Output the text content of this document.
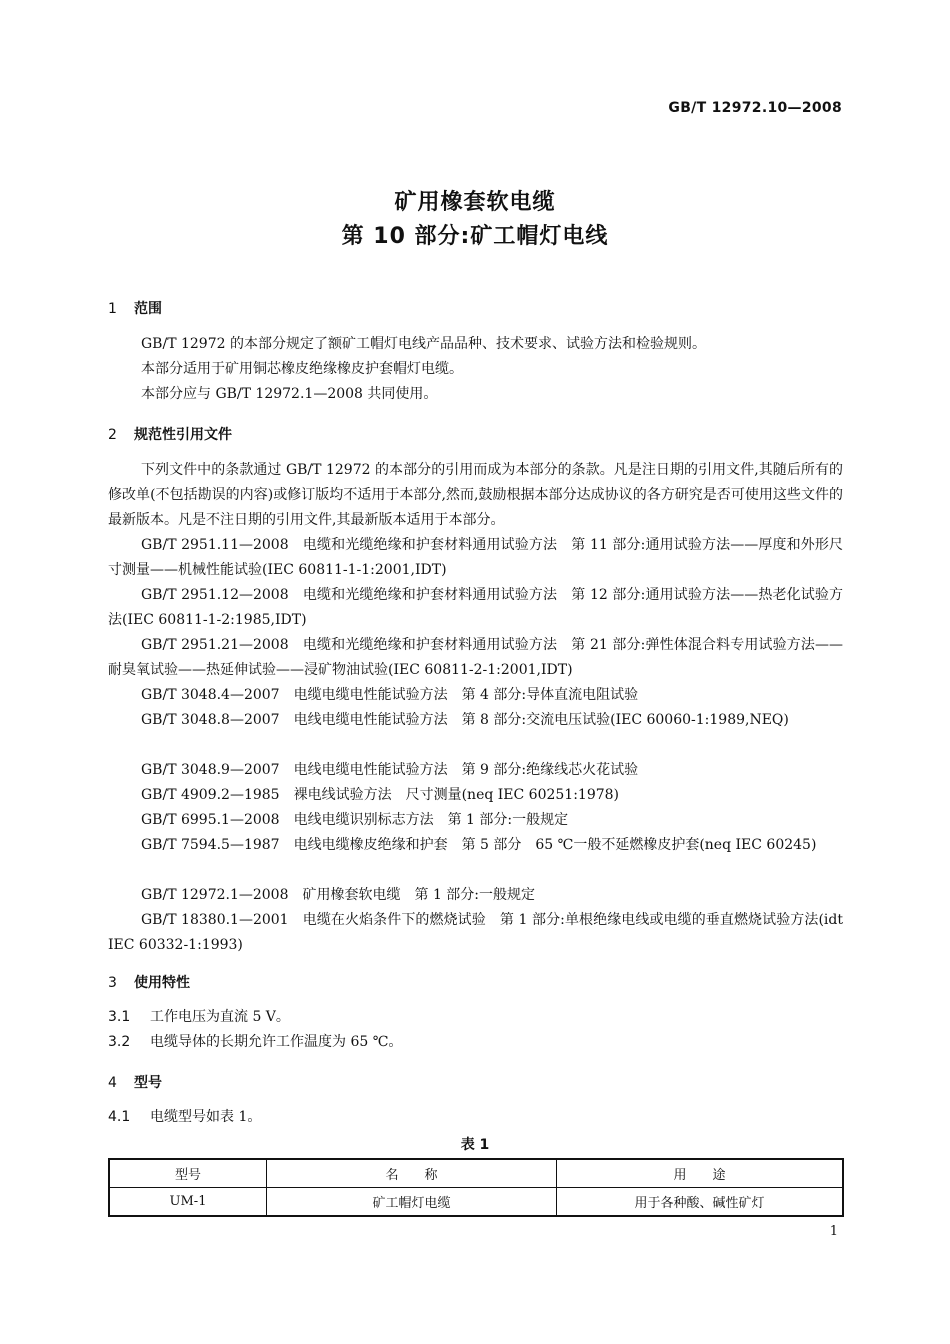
GB/T 12972.10—2008
矿用橡套软电缆
第 10 部分:矿工帽灯电线
1 范围
GB/T 12972 的本部分规定了额矿工帽灯电线产品品种、技术要求、试验方法和检验规则。
本部分适用于矿用铜芯橡皮绝缘橡皮护套帽灯电缆。
本部分应与 GB/T 12972.1—2008 共同使用。
2 规范性引用文件
下列文件中的条款通过 GB/T 12972 的本部分的引用而成为本部分的条款。凡是注日期的引用文件,其随后所有的修改单(不包括勘误的内容)或修订版均不适用于本部分,然而,鼓励根据本部分达成协议的各方研究是否可使用这些文件的最新版本。凡是不注日期的引用文件,其最新版本适用于本部分。
GB/T 2951.11—2008　电缆和光缆绝缘和护套材料通用试验方法　第 11 部分:通用试验方法——厚度和外形尺寸测量——机械性能试验(IEC 60811-1-1:2001,IDT)
GB/T 2951.12—2008　电缆和光缆绝缘和护套材料通用试验方法　第 12 部分:通用试验方法——热老化试验方法(IEC 60811-1-2:1985,IDT)
GB/T 2951.21—2008　电缆和光缆绝缘和护套材料通用试验方法　第 21 部分:弹性体混合料专用试验方法——耐臭氧试验——热延伸试验——浸矿物油试验(IEC 60811-2-1:2001,IDT)
GB/T 3048.4—2007　电缆电缆电性能试验方法　第 4 部分:导体直流电阻试验
GB/T 3048.8—2007　电线电缆电性能试验方法　第 8 部分:交流电压试验(IEC 60060-1:1989,NEQ)
GB/T 3048.9—2007　电线电缆电性能试验方法　第 9 部分:绝缘线芯火花试验
GB/T 4909.2—1985　裸电线试验方法　尺寸测量(neq IEC 60251:1978)
GB/T 6995.1—2008　电线电缆识别标志方法　第 1 部分:一般规定
GB/T 7594.5—1987　电线电缆橡皮绝缘和护套　第 5 部分　65 ℃一般不延燃橡皮护套(neq IEC 60245)
GB/T 12972.1—2008　矿用橡套软电缆　第 1 部分:一般规定
GB/T 18380.1—2001　电缆在火焰条件下的燃烧试验　第 1 部分:单根绝缘电线或电缆的垂直燃烧试验方法(idt IEC 60332-1:1993)
3 使用特性
3.1 工作电压为直流 5 V。
3.2 电缆导体的长期允许工作温度为 65 ℃。
4 型号
4.1 电缆型号如表 1。
表 1
型号	名　　称	用　　途
UM-1	矿工帽灯电缆	用于各种酸、碱性矿灯
1
